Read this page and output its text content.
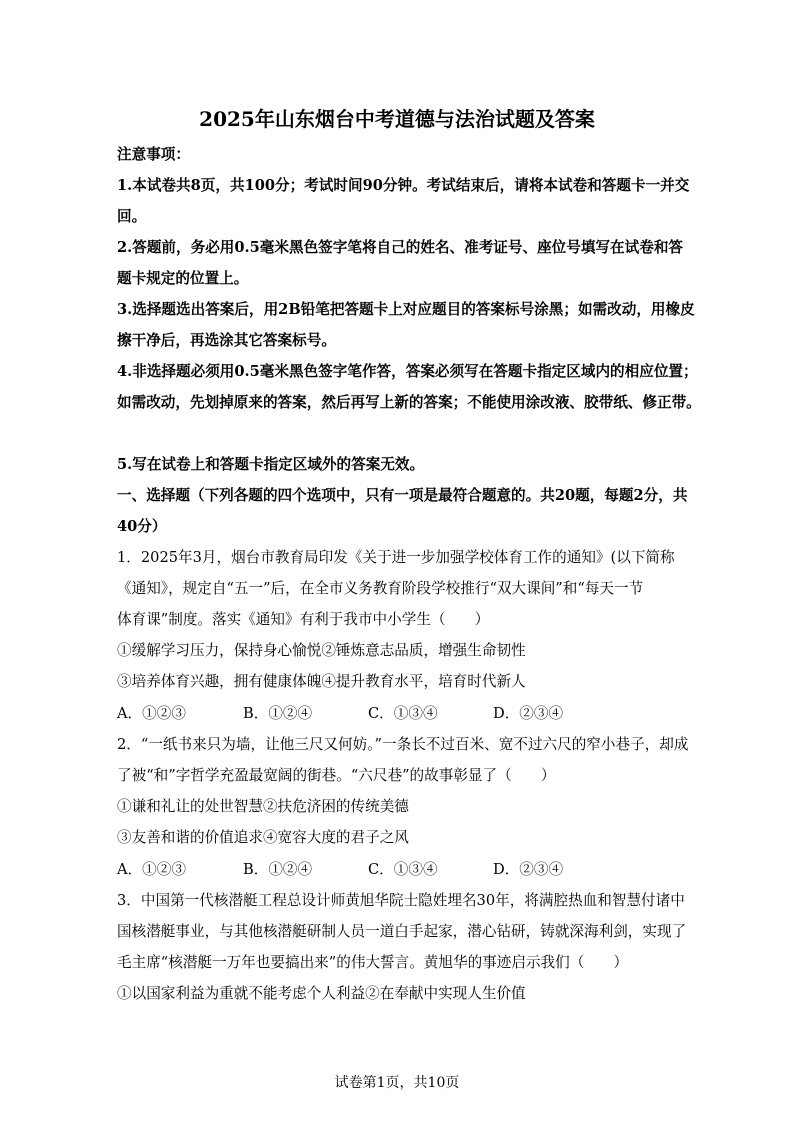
2025年山东烟台中考道德与法治试题及答案
注意事项：
1.本试卷共8页，共100分；考试时间90分钟。考试结束后，请将本试卷和答题卡一并交
回。
2.答题前，务必用0.5毫米黑色签字笔将自己的姓名、准考证号、座位号填写在试卷和答
题卡规定的位置上。
3.选择题选出答案后，用2B铅笔把答题卡上对应题目的答案标号涂黑；如需改动，用橡皮
擦干净后，再选涂其它答案标号。
4.非选择题必须用0.5毫米黑色签字笔作答，答案必须写在答题卡指定区域内的相应位置；
如需改动，先划掉原来的答案，然后再写上新的答案；不能使用涂改液、胶带纸、修正带。
5.写在试卷上和答题卡指定区域外的答案无效。
一、选择题（下列各题的四个选项中，只有一项是最符合题意的。共20题，每题2分，共
40分）
1．2025年3月，烟台市教育局印发《关于进一步加强学校体育工作的通知》(以下简称
《通知》，规定自“五一”后，在全市义务教育阶段学校推行“双大课间”和“每天一节
体育课”制度。落实《通知》有利于我市中小学生（　　）
①缓解学习压力，保持身心愉悦②锤炼意志品质，增强生命韧性
③培养体育兴趣，拥有健康体魄④提升教育水平，培育时代新人
A．①②③	B．①②④	C．①③④	D．②③④
2．“一纸书来只为墙，让他三尺又何妨。”一条长不过百米、宽不过六尺的窄小巷子，却成
了被“和”字哲学充盈最宽阔的街巷。“六尺巷”的故事彰显了（　　）
①谦和礼让的处世智慧②扶危济困的传统美德
③友善和谐的价值追求④宽容大度的君子之风
A．①②③	B．①②④	C．①③④	D．②③④
3．中国第一代核潜艇工程总设计师黄旭华院士隐姓埋名30年，将满腔热血和智慧付诸中
国核潜艇事业，与其他核潜艇研制人员一道白手起家，潜心钻研，铸就深海利剑，实现了
毛主席“核潜艇一万年也要搞出来”的伟大誓言。黄旭华的事迹启示我们（　　）
①以国家利益为重就不能考虑个人利益②在奉献中实现人生价值
试卷第1页，共10页
